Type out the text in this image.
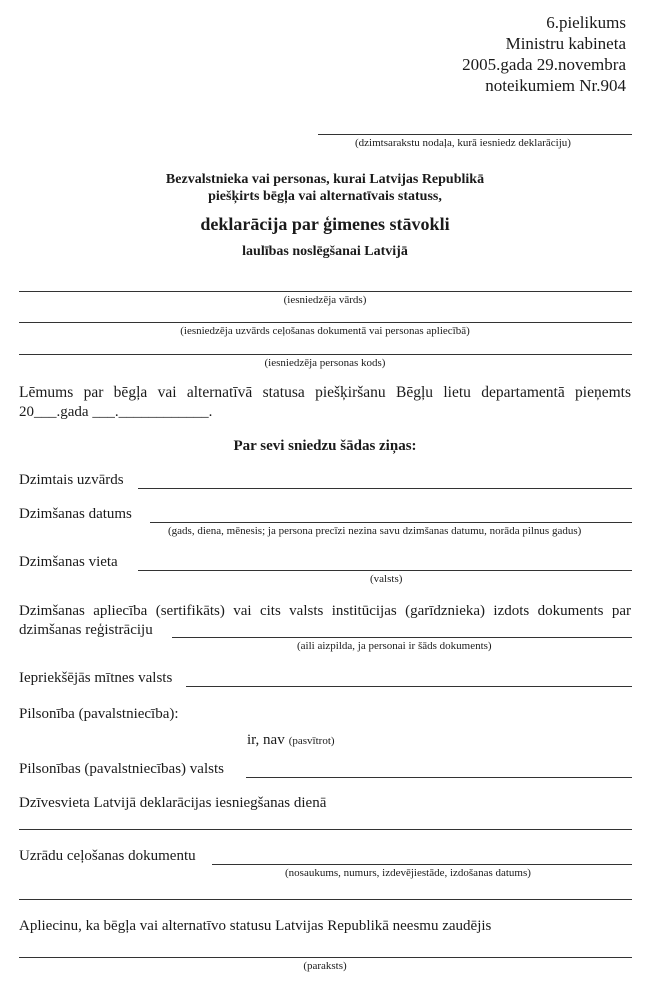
6.pielikums
Ministru kabineta
2005.gada 29.novembra
noteikumiem Nr.904
(dzimtsarakstu nodaļa, kurā iesniedz deklarāciju)
Bezvalstnieka vai personas, kurai Latvijas Republikā
piešķirts bēgļa vai alternatīvais statuss,
deklarācija par ģimenes stāvokli
laulības noslēgšanai Latvijā
(iesniedzēja vārds)
(iesniedzēja uzvārds ceļošanas dokumentā vai personas apliecībā)
(iesniedzēja personas kods)
Lēmums par bēgļa vai alternatīvā statusa piešķiršanu Bēgļu lietu departamentā pieņemts
20___.gada ___.____________.
Par sevi sniedzu šādas ziņas:
Dzimtais uzvārds
Dzimšanas datums
(gads, diena, mēnesis; ja persona precīzi nezina savu dzimšanas datumu, norāda pilnus gadus)
Dzimšanas vieta
(valsts)
Dzimšanas apliecība (sertifikāts) vai cits valsts institūcijas (garīdznieka) izdots dokuments par
dzimšanas reģistrāciju
(aili aizpilda, ja personai ir šāds dokuments)
Iepriekšējās mītnes valsts
Pilsonība (pavalstniecība):
ir, nav (pasvītrot)
Pilsonības (pavalstniecības) valsts
Dzīvesvieta Latvijā deklarācijas iesniegšanas dienā
Uzrādu ceļošanas dokumentu
(nosaukums, numurs, izdevējiestāde, izdošanas datums)
Apliecinu, ka bēgļa vai alternatīvo statusu Latvijas Republikā neesmu zaudējis
(paraksts)
